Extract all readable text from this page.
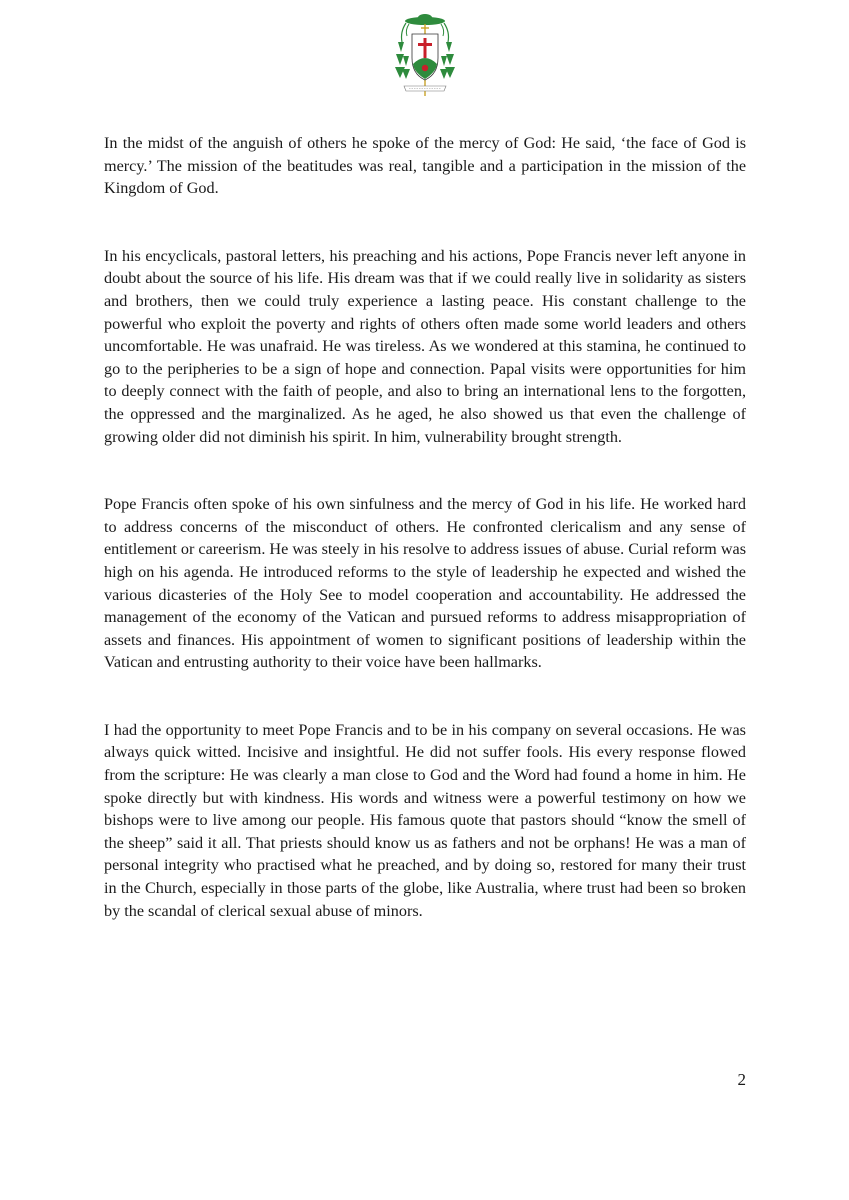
In the midst of the anguish of others he spoke of the mercy of God: He said, ‘the face of God is mercy.’ The mission of the beatitudes was real, tangible and a participation in the mission of the Kingdom of God.

In his encyclicals, pastoral letters, his preaching and his actions, Pope Francis never left anyone in doubt about the source of his life. His dream was that if we could really live in solidarity as sisters and brothers, then we could truly experience a lasting peace. His constant challenge to the powerful who exploit the poverty and rights of others often made some world leaders and others uncomfortable. He was unafraid. He was tireless. As we wondered at this stamina, he continued to go to the peripheries to be a sign of hope and connection. Papal visits were opportunities for him to deeply connect with the faith of people, and also to bring an international lens to the forgotten, the oppressed and the marginalized. As he aged, he also showed us that even the challenge of growing older did not diminish his spirit. In him, vulnerability brought strength.

Pope Francis often spoke of his own sinfulness and the mercy of God in his life. He worked hard to address concerns of the misconduct of others. He confronted clericalism and any sense of entitlement or careerism. He was steely in his resolve to address issues of abuse. Curial reform was high on his agenda. He introduced reforms to the style of leadership he expected and wished the various dicasteries of the Holy See to model cooperation and accountability. He addressed the management of the economy of the Vatican and pursued reforms to address misappropriation of assets and finances. His appointment of women to significant positions of leadership within the Vatican and entrusting authority to their voice have been hallmarks.

I had the opportunity to meet Pope Francis and to be in his company on several occasions. He was always quick witted. Incisive and insightful. He did not suffer fools. His every response flowed from the scripture: He was clearly a man close to God and the Word had found a home in him. He spoke directly but with kindness. His words and witness were a powerful testimony on how we bishops were to live among our people. His famous quote that pastors should “know the smell of the sheep” said it all. That priests should know us as fathers and not be orphans! He was a man of personal integrity who practised what he preached, and by doing so, restored for many their trust in the Church, especially in those parts of the globe, like Australia, where trust had been so broken by the scandal of clerical sexual abuse of minors.

2
